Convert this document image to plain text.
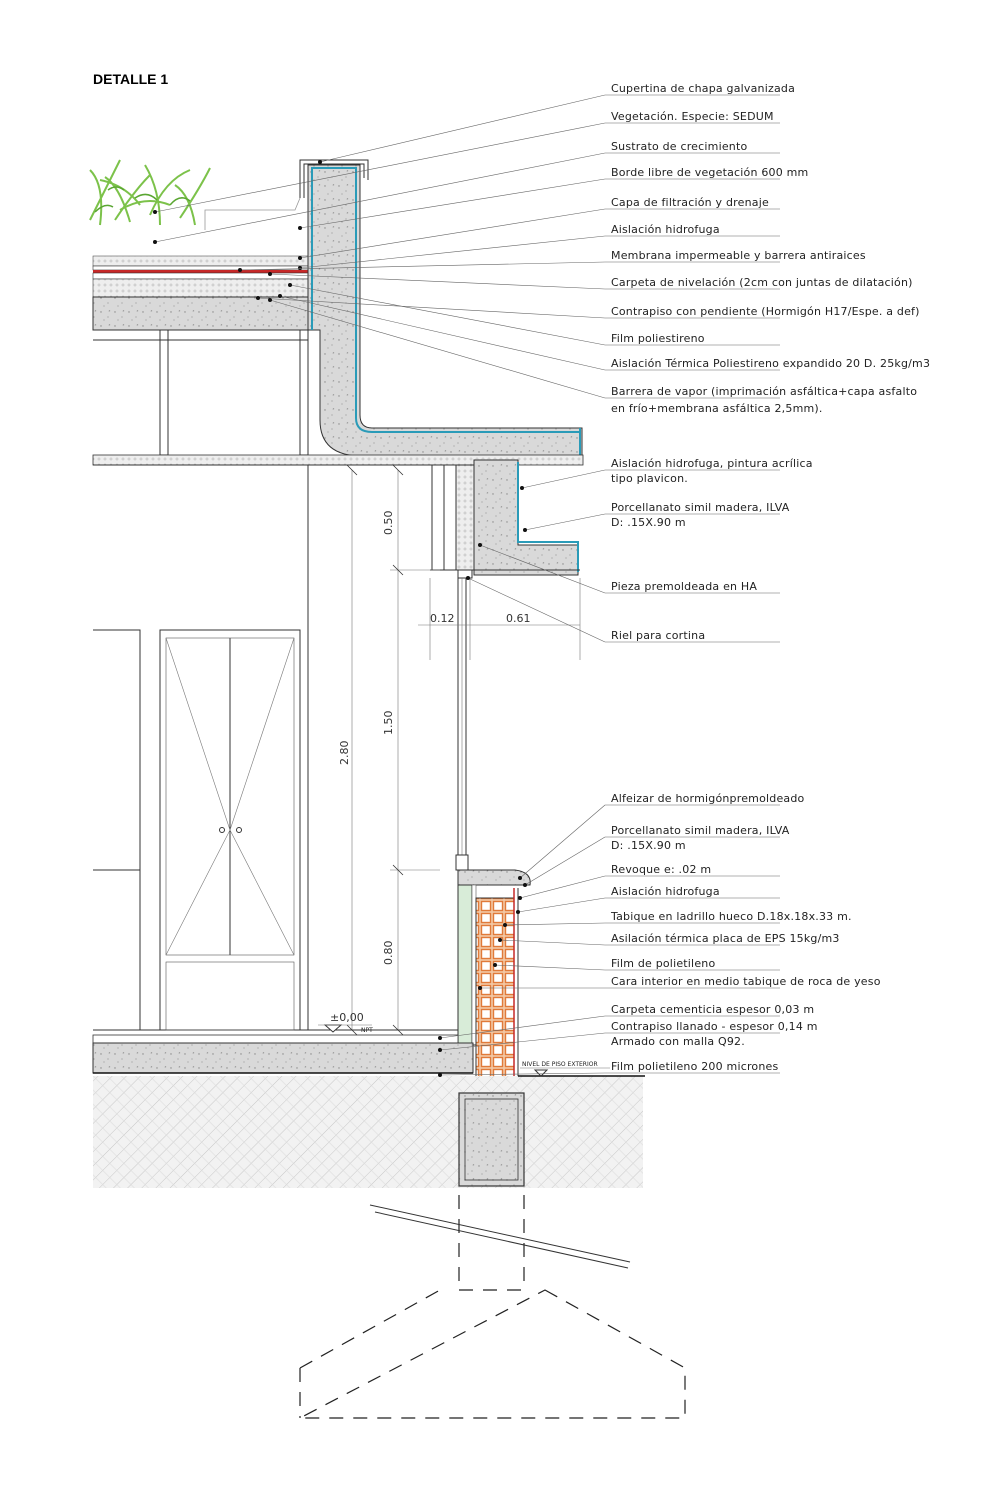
DETALLE 1
0.50
1.50
0.80
2.80
0.12	0.61
±0,00
NPT
NIVEL DE PISO EXTERIOR
Cupertina de chapa galvanizada
Vegetación. Especie: SEDUM
Sustrato de crecimiento
Borde libre de vegetación 600 mm
Capa de filtración y drenaje
Aislación hidrofuga
Membrana impermeable y barrera antiraices
Carpeta de nivelación (2cm con juntas de dilatación)
Contrapiso con pendiente (Hormigón H17/Espe. a def)
Film poliestireno
Aislación Térmica Poliestireno expandido 20 D. 25kg/m3
Barrera de vapor (imprimación asfáltica+capa asfalto
en frío+membrana asfáltica 2,5mm).
Aislación hidrofuga, pintura acrílica
tipo plavicon.
Porcellanato simil madera, ILVA
D: .15X.90 m
Pieza premoldeada en HA
Riel para cortina
Alfeizar de hormigónpremoldeado
Porcellanato simil madera, ILVA
D: .15X.90 m
Revoque e: .02 m
Aislación hidrofuga
Tabique en ladrillo hueco D.18x.18x.33 m.
Asilación térmica placa de EPS 15kg/m3
Film de polietileno
Cara interior en medio tabique de roca de yeso
Carpeta cementicia espesor 0,03 m
Contrapiso llanado - espesor 0,14 m
Armado con malla Q92.
Film polietileno 200 micrones
